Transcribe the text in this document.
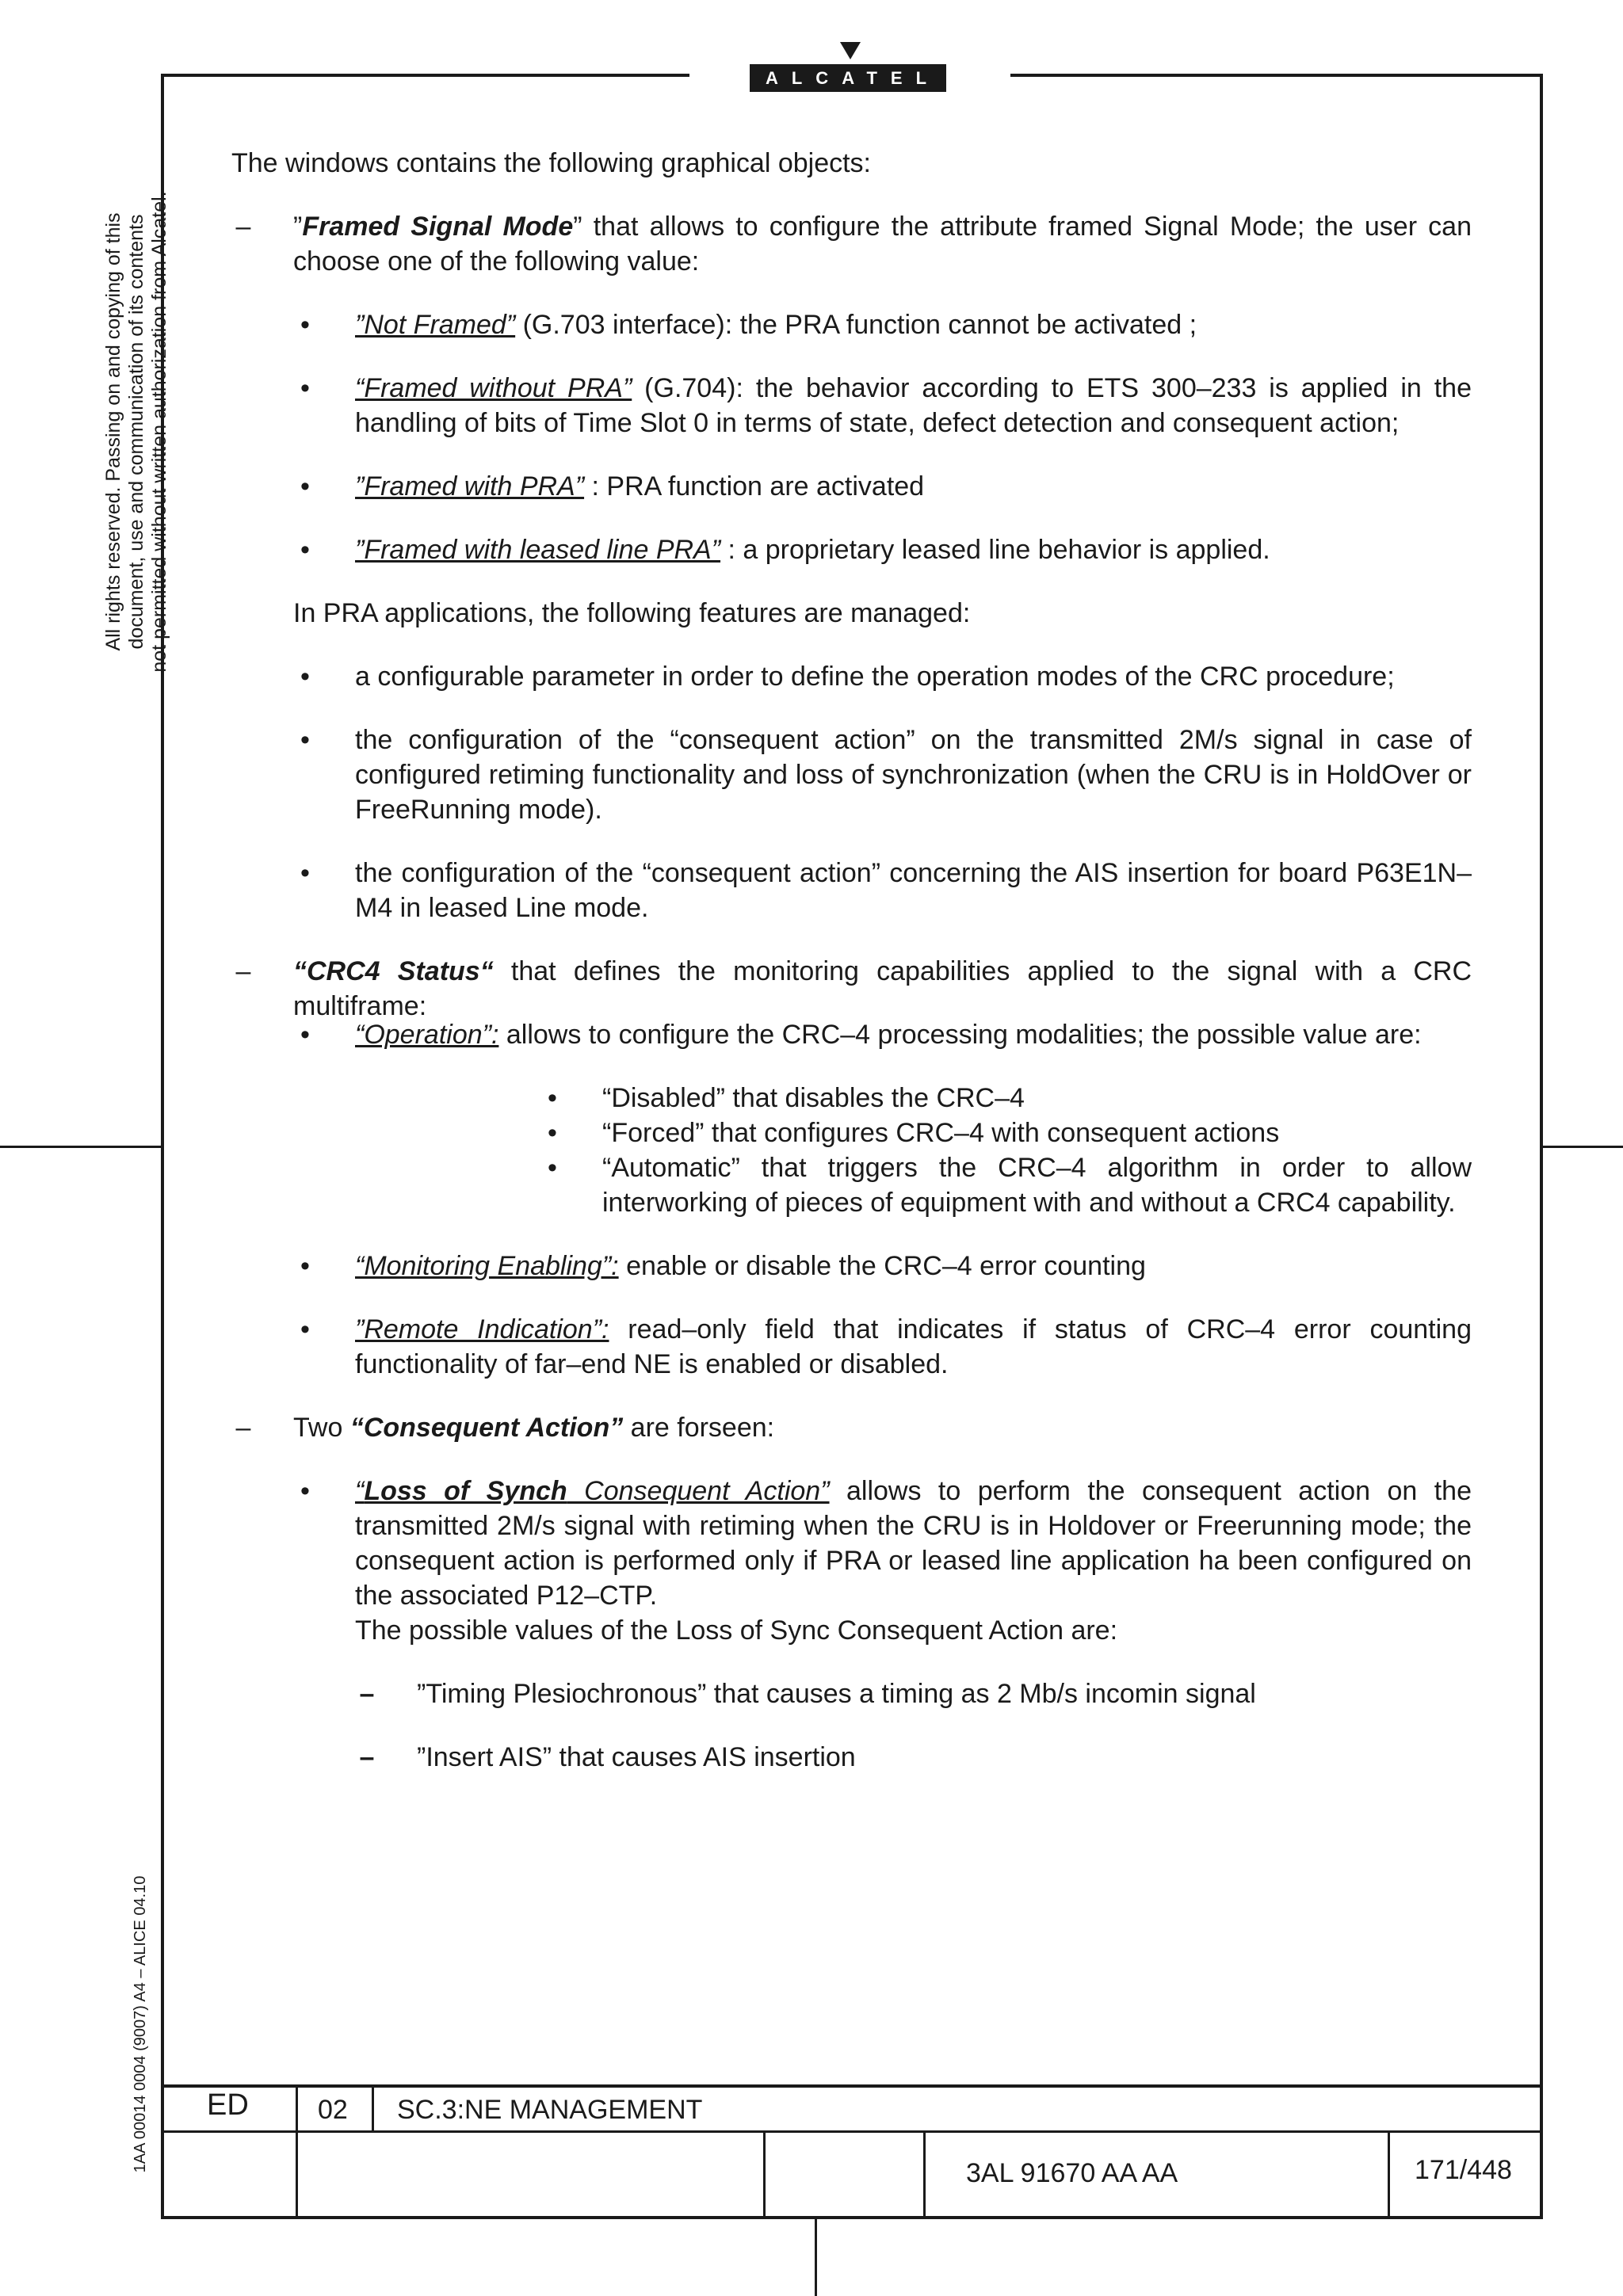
ALCATEL
All rights reserved. Passing on and copying of this document, use and communication of its contents not permitted without written authorization from Alcatel.
1AA 00014 0004 (9007) A4 – ALICE 04.10
The windows contains the following graphical objects:
– ”Framed Signal Mode” that allows to configure the attribute framed Signal Mode; the user can choose one of the following value:
• ”Not Framed” (G.703 interface): the PRA function cannot be activated ;
• “Framed without PRA” (G.704): the behavior according to ETS 300–233 is applied in the handling of bits of Time Slot 0 in terms of state, defect detection and consequent action;
• ”Framed with PRA” : PRA function are activated
• ”Framed with leased line PRA” : a proprietary leased line behavior is applied.
In PRA applications, the following features are managed:
• a configurable parameter in order to define the operation modes of the CRC procedure;
• the configuration of the “consequent action” on the transmitted 2M/s signal in case of configured retiming functionality and loss of synchronization (when the CRU is in HoldOver or FreeRunning mode).
• the configuration of the “consequent action” concerning the AIS insertion for board P63E1N–M4 in leased Line mode.
– “CRC4 Status“ that defines the monitoring capabilities applied to the signal with a CRC multiframe:
• “Operation”: allows to configure the CRC–4 processing modalities; the possible value are:
• “Disabled” that disables the CRC–4
• “Forced” that configures CRC–4 with consequent actions
• “Automatic” that triggers the CRC–4 algorithm in order to allow interworking of pieces of equipment with and without a CRC4 capability.
• “Monitoring Enabling”: enable or disable the CRC–4 error counting
• ”Remote Indication”: read–only field that indicates if status of CRC–4 error counting functionality of far–end NE is enabled or disabled.
– Two “Consequent Action” are forseen:
• “Loss of Synch Consequent Action” allows to perform the consequent action on the transmitted 2M/s signal with retiming when the CRU is in Holdover or Freerunning mode; the consequent action is performed only if PRA or leased line application ha been configured on the associated P12–CTP.
The possible values of the Loss of Sync Consequent Action are:
– ”Timing Plesiochronous” that causes a timing as 2 Mb/s incomin signal
– ”Insert AIS” that causes AIS insertion
ED	02 SC.3:NE MANAGEMENT
3AL 91670 AA AA	171/448
